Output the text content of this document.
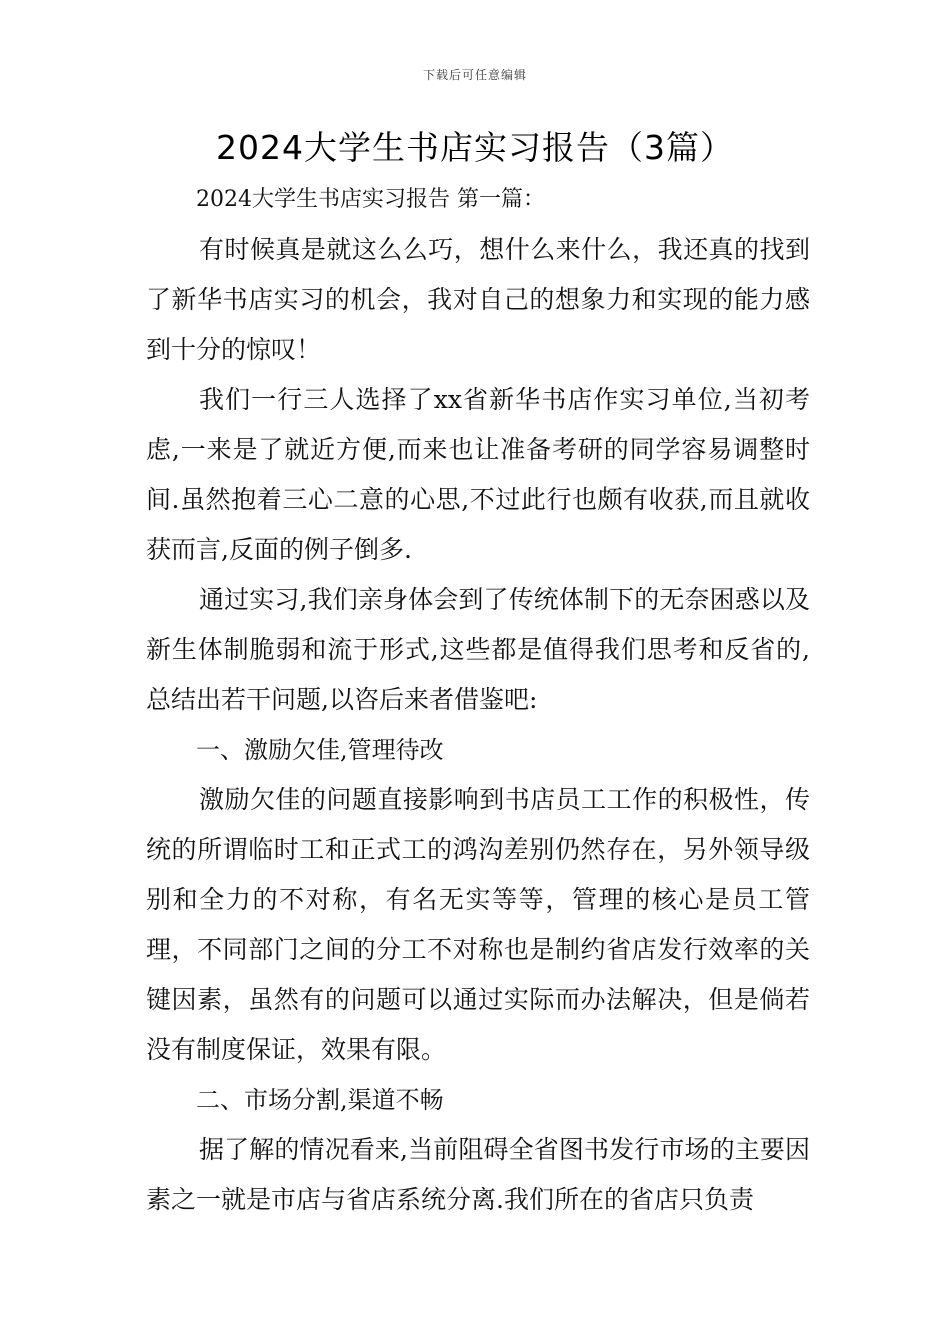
下载后可任意编辑
2024大学生书店实习报告（3篇）
2024大学生书店实习报告 第一篇：

有时候真是就这么么巧，想什么来什么，我还真的找到了新华书店实习的机会，我对自己的想象力和实现的能力感到十分的惊叹！

我们一行三人选择了xx省新华书店作实习单位,当初考虑,一来是了就近方便,而来也让准备考研的同学容易调整时间.虽然抱着三心二意的心思,不过此行也颇有收获,而且就收获而言,反面的例子倒多.

通过实习,我们亲身体会到了传统体制下的无奈困惑以及新生体制脆弱和流于形式,这些都是值得我们思考和反省的,总结出若干问题,以咨后来者借鉴吧:

一、激励欠佳,管理待改

激励欠佳的问题直接影响到书店员工工作的积极性，传统的所谓临时工和正式工的鸿沟差别仍然存在，另外领导级别和全力的不对称，有名无实等等，管理的核心是员工管理，不同部门之间的分工不对称也是制约省店发行效率的关键因素，虽然有的问题可以通过实际而办法解决，但是倘若没有制度保证，效果有限。

二、市场分割,渠道不畅

据了解的情况看来,当前阻碍全省图书发行市场的主要因素之一就是市店与省店系统分离.我们所在的省店只负责
